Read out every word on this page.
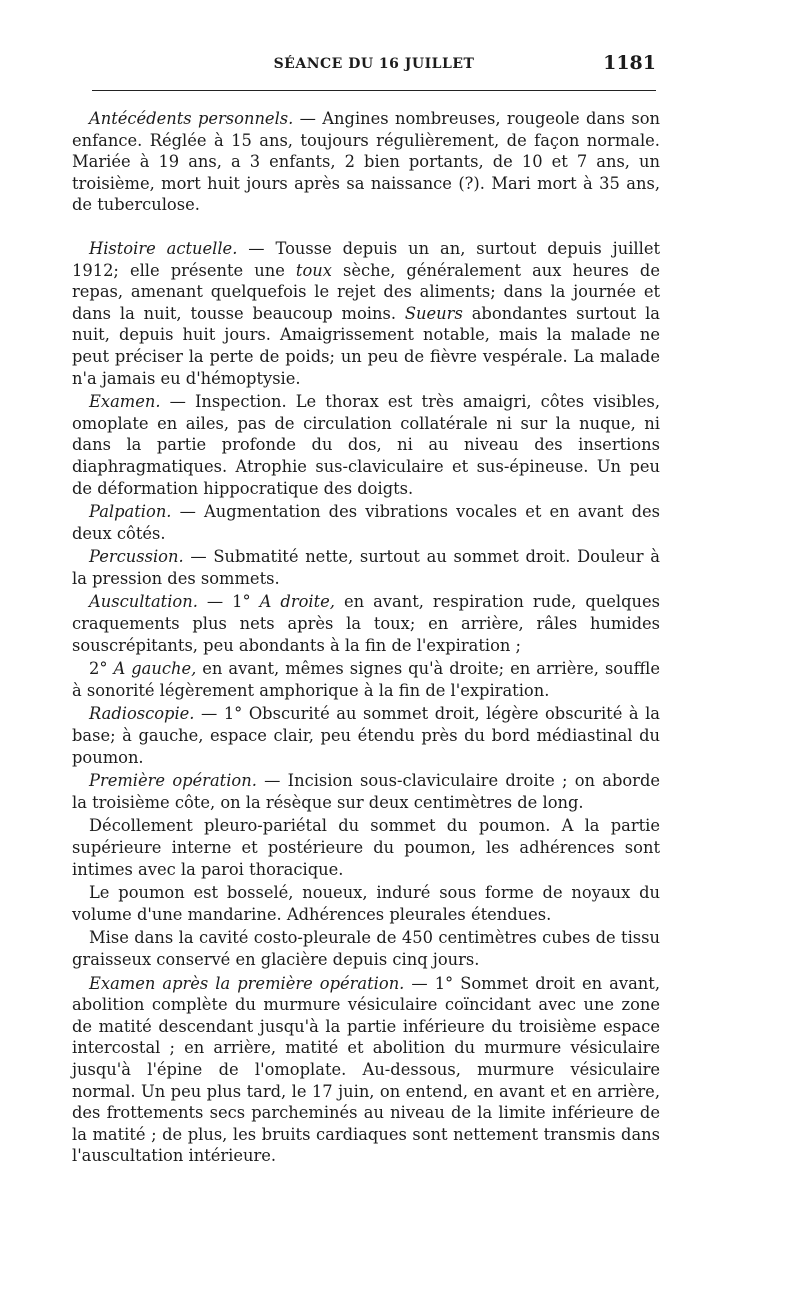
SÉANCE DU 16 JUILLET	1181

Antécédents personnels. — Angines nombreuses, rougeole dans son enfance. Réglée à 15 ans, toujours régulièrement, de façon normale. Mariée à 19 ans, a 3 enfants, 2 bien portants, de 10 et 7 ans, un troisième, mort huit jours après sa naissance (?). Mari mort à 35 ans, de tuberculose.

Histoire actuelle. — Tousse depuis un an, surtout depuis juillet 1912; elle présente une toux sèche, généralement aux heures de repas, amenant quelquefois le rejet des aliments; dans la journée et dans la nuit, tousse beaucoup moins. Sueurs abondantes surtout la nuit, depuis huit jours. Amaigrissement notable, mais la malade ne peut préciser la perte de poids; un peu de fièvre vespérale. La malade n'a jamais eu d'hémoptysie.

Examen. — Inspection. Le thorax est très amaigri, côtes visibles, omoplate en ailes, pas de circulation collatérale ni sur la nuque, ni dans la partie profonde du dos, ni au niveau des insertions diaphragmatiques. Atrophie sus-claviculaire et sus-épineuse. Un peu de déformation hippocratique des doigts.

Palpation. — Augmentation des vibrations vocales et en avant des deux côtés.

Percussion. — Submatité nette, surtout au sommet droit. Douleur à la pression des sommets.

Auscultation. — 1° A droite, en avant, respiration rude, quelques craquements plus nets après la toux; en arrière, râles humides souscrépitants, peu abondants à la fin de l'expiration ;

2° A gauche, en avant, mêmes signes qu'à droite; en arrière, souffle à sonorité légèrement amphorique à la fin de l'expiration.

Radioscopie. — 1° Obscurité au sommet droit, légère obscurité à la base; à gauche, espace clair, peu étendu près du bord médiastinal du poumon.

Première opération. — Incision sous-claviculaire droite ; on aborde la troisième côte, on la résèque sur deux centimètres de long.

Décollement pleuro-pariétal du sommet du poumon. A la partie supérieure interne et postérieure du poumon, les adhérences sont intimes avec la paroi thoracique.

Le poumon est bosselé, noueux, induré sous forme de noyaux du volume d'une mandarine. Adhérences pleurales étendues.

Mise dans la cavité costo-pleurale de 450 centimètres cubes de tissu graisseux conservé en glacière depuis cinq jours.

Examen après la première opération. — 1° Sommet droit en avant, abolition complète du murmure vésiculaire coïncidant avec une zone de matité descendant jusqu'à la partie inférieure du troisième espace intercostal ; en arrière, matité et abolition du murmure vésiculaire jusqu'à l'épine de l'omoplate. Au-dessous, murmure vésiculaire normal. Un peu plus tard, le 17 juin, on entend, en avant et en arrière, des frottements secs parcheminés au niveau de la limite inférieure de la matité ; de plus, les bruits cardiaques sont nettement transmis dans l'auscultation intérieure.
